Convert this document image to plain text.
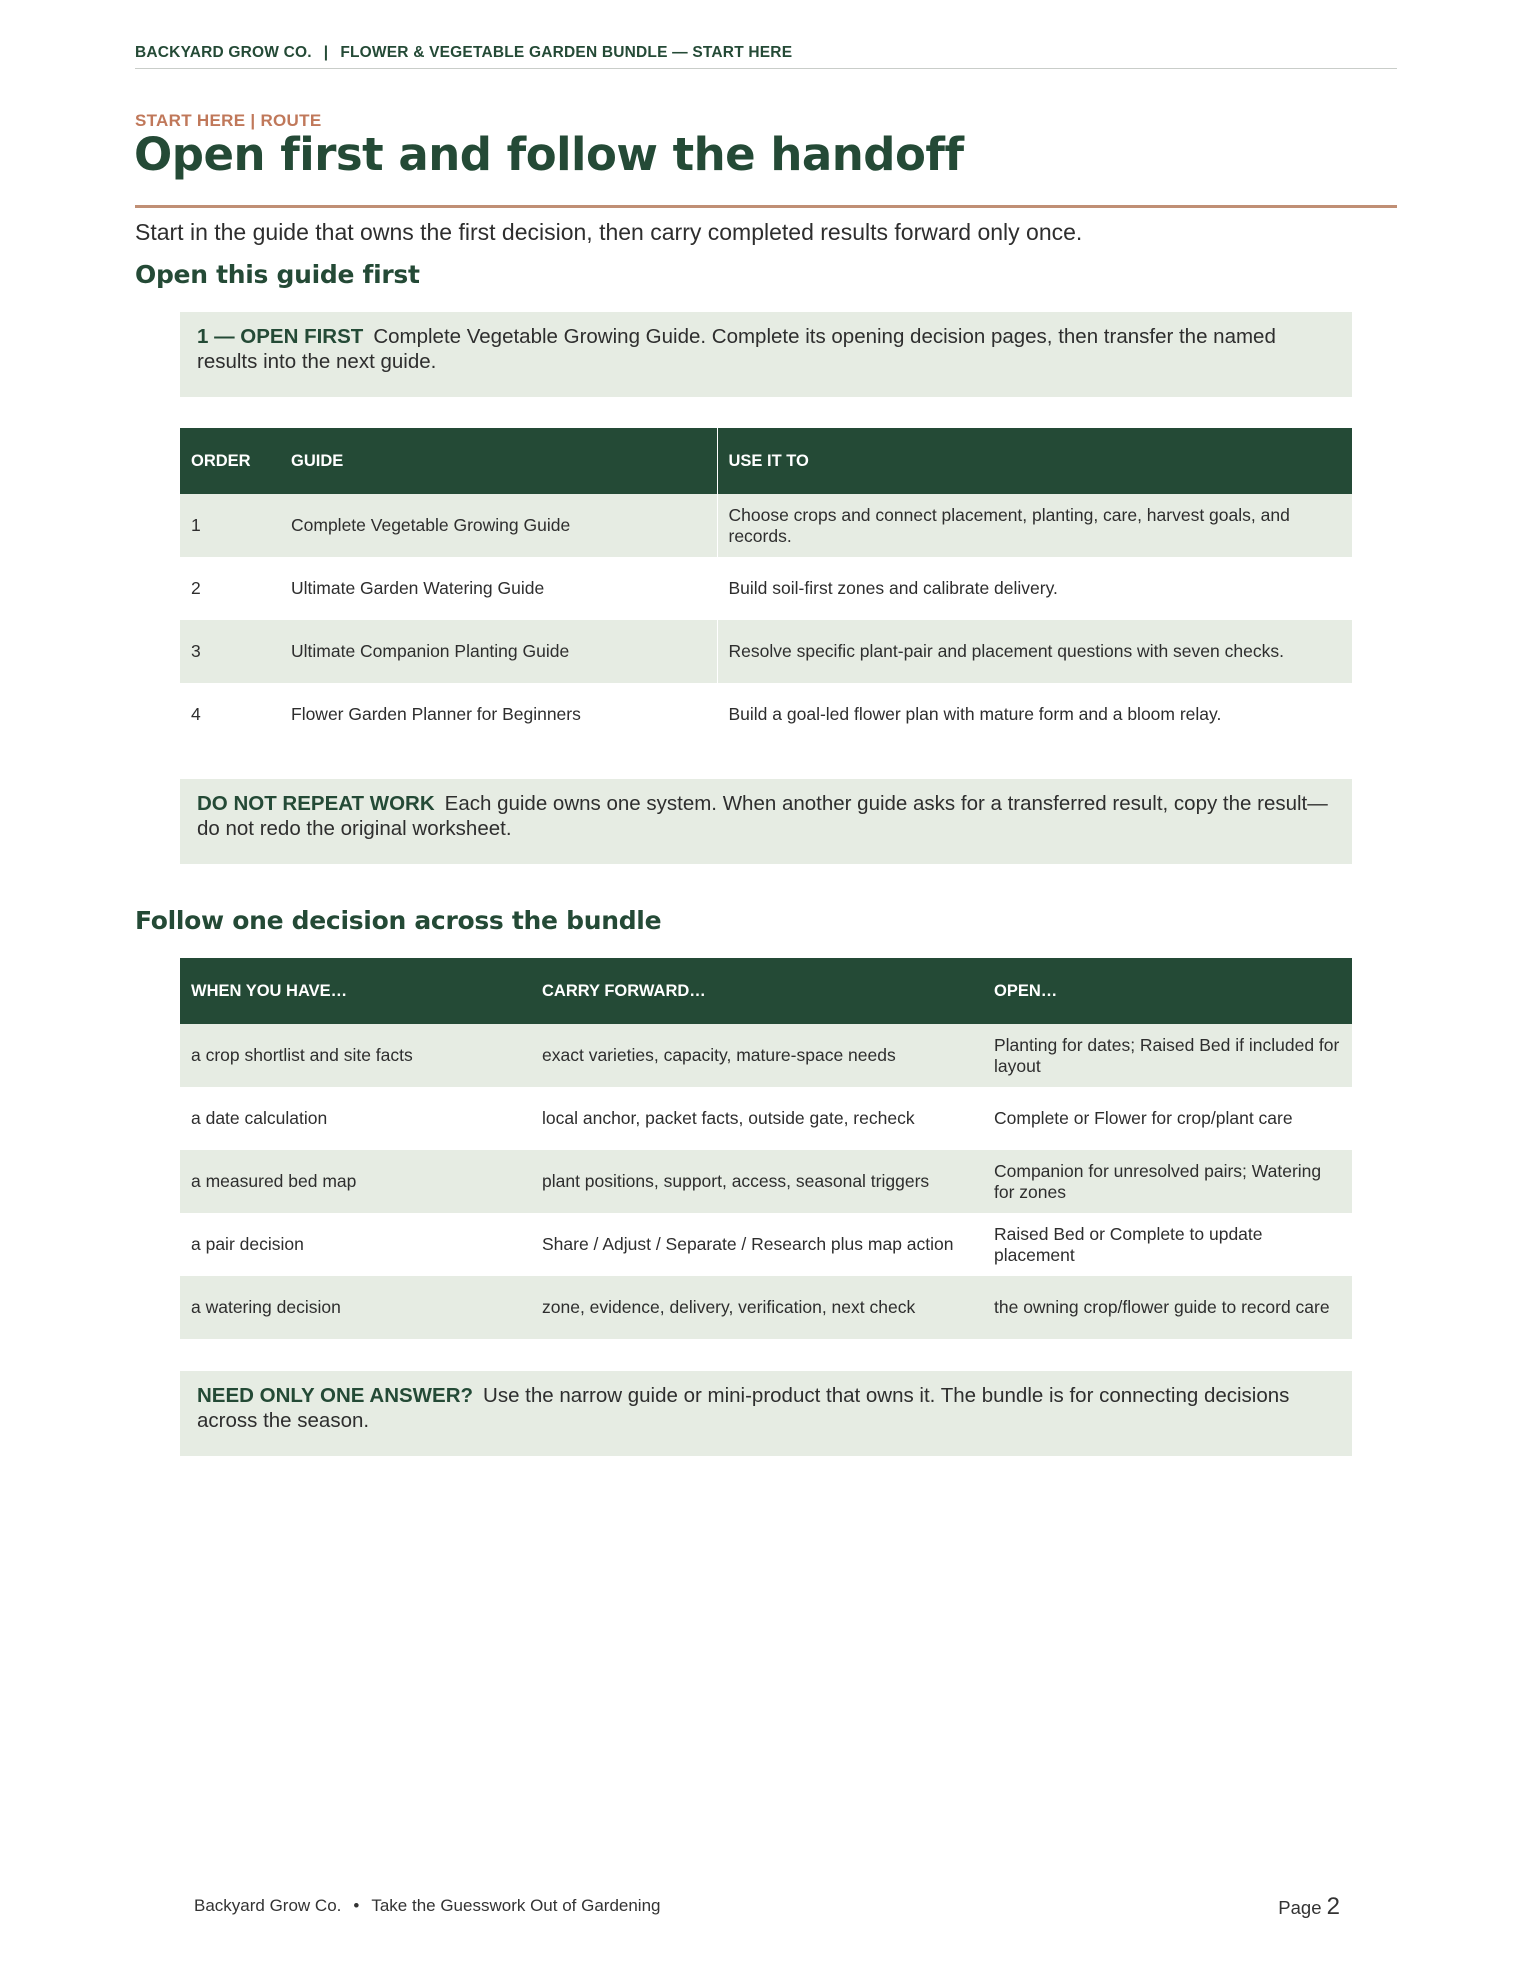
BACKYARD GROW CO. | FLOWER & VEGETABLE GARDEN BUNDLE — START HERE
START HERE | ROUTE
Open first and follow the handoff
Start in the guide that owns the first decision, then carry completed results forward only once.
Open this guide first
1 — OPEN FIRST Complete Vegetable Growing Guide. Complete its opening decision pages, then transfer the named results into the next guide.
ORDER	GUIDE	USE IT TO
1	Complete Vegetable Growing Guide	Choose crops and connect placement, planting, care, harvest goals, and records.
2	Ultimate Garden Watering Guide	Build soil-first zones and calibrate delivery.
3	Ultimate Companion Planting Guide	Resolve specific plant-pair and placement questions with seven checks.
4	Flower Garden Planner for Beginners	Build a goal-led flower plan with mature form and a bloom relay.
DO NOT REPEAT WORK Each guide owns one system. When another guide asks for a transferred result, copy the result—do not redo the original worksheet.
Follow one decision across the bundle
WHEN YOU HAVE…	CARRY FORWARD…	OPEN…
a crop shortlist and site facts	exact varieties, capacity, mature-space needs	Planting for dates; Raised Bed if included for layout
a date calculation	local anchor, packet facts, outside gate, recheck	Complete or Flower for crop/plant care
a measured bed map	plant positions, support, access, seasonal triggers	Companion for unresolved pairs; Watering for zones
a pair decision	Share / Adjust / Separate / Research plus map action	Raised Bed or Complete to update placement
a watering decision	zone, evidence, delivery, verification, next check	the owning crop/flower guide to record care
NEED ONLY ONE ANSWER? Use the narrow guide or mini-product that owns it. The bundle is for connecting decisions across the season.
Backyard Grow Co. • Take the Guesswork Out of Gardening	Page 2
